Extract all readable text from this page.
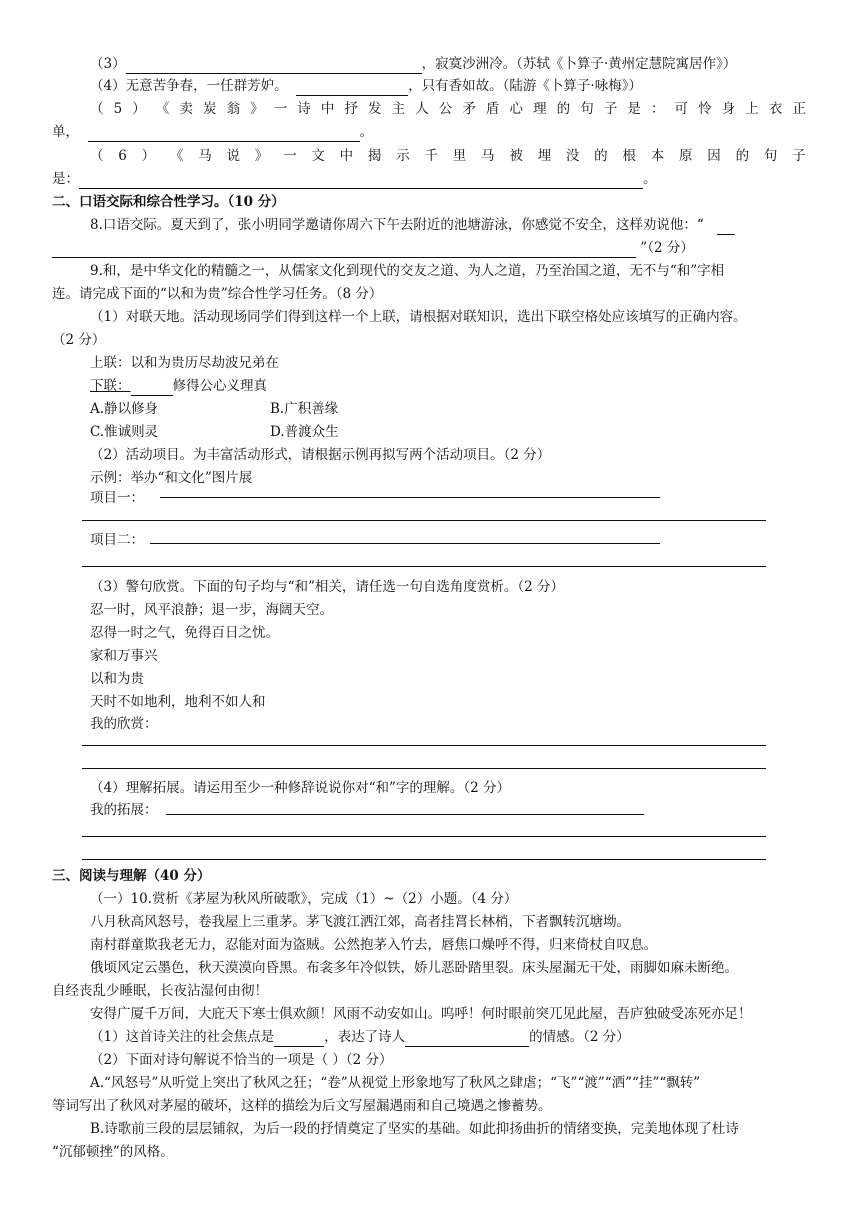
（3）	，寂寞沙洲冷。（苏轼《卜算子·黄州定慧院寓居作》）
（4）无意苦争春，一任群芳妒。	，只有香如故。（陆游《卜算子·咏梅》）
（ 5 ） 《 卖 炭 翁 》 一 诗 中 抒 发 主 人 公 矛 盾 心 理 的 句 子 是 ： 可 怜 身 上 衣 正
单，	。
（ 6 ） 《 马 说 》 一 文 中 揭 示 千 里 马 被 埋 没 的 根 本 原 因 的 句 子
是：	。
二、口语交际和综合性学习。（10 分）
8.口语交际。夏天到了，张小明同学邀请你周六下午去附近的池塘游泳，你感觉不安全，这样劝说他：“
”（2 分）
9.和，是中华文化的精髓之一，从儒家文化到现代的交友之道、为人之道，乃至治国之道，无不与“和”字相
连。请完成下面的“以和为贵”综合性学习任务。（8 分）
（1）对联天地。活动现场同学们得到这样一个上联，请根据对联知识，选出下联空格处应该填写的正确内容。
（2 分）
上联：以和为贵历尽劫波兄弟在
下联：	修得公心义理真
A.静以修身	B.广积善缘
C.惟诚则灵	D.普渡众生
（2）活动项目。为丰富活动形式，请根据示例再拟写两个活动项目。（2 分）
示例：举办“和文化”图片展
项目一：
项目二：
（3）警句欣赏。下面的句子均与“和”相关，请任选一句自选角度赏析。（2 分）
忍一时，风平浪静；退一步，海阔天空。
忍得一时之气，免得百日之忧。
家和万事兴
以和为贵
天时不如地利，地利不如人和
我的欣赏：
（4）理解拓展。请运用至少一种修辞说说你对“和”字的理解。（2 分）
我的拓展：
三、阅读与理解（40 分）
（一）10.赏析《茅屋为秋风所破歌》，完成（1）~（2）小题。（4 分）
八月秋高风怒号，卷我屋上三重茅。茅飞渡江洒江郊，高者挂罥长林梢，下者飘转沉塘坳。
南村群童欺我老无力，忍能对面为盗贼。公然抱茅入竹去，唇焦口燥呼不得，归来倚杖自叹息。
俄顷风定云墨色，秋天漠漠向昏黑。布衾多年冷似铁，娇儿恶卧踏里裂。床头屋漏无干处，雨脚如麻未断绝。
自经丧乱少睡眠，长夜沾湿何由彻！
安得广厦千万间，大庇天下寒士俱欢颜！风雨不动安如山。呜呼！何时眼前突兀见此屋，吾庐独破受冻死亦足！
（1）这首诗关注的社会焦点是	，表达了诗人	的情感。（2 分）
（2）下面对诗句解说不恰当的一项是（ ）（2 分）
A.“风怒号”从听觉上突出了秋风之狂；“卷”从视觉上形象地写了秋风之肆虐；“飞”“渡”“洒”“挂”“飘转”
等词写出了秋风对茅屋的破坏，这样的描绘为后文写屋漏遇雨和自己境遇之惨蓄势。
B.诗歌前三段的层层铺叙，为后一段的抒情奠定了坚实的基础。如此抑扬曲折的情绪变换，完美地体现了杜诗
“沉郁顿挫”的风格。
